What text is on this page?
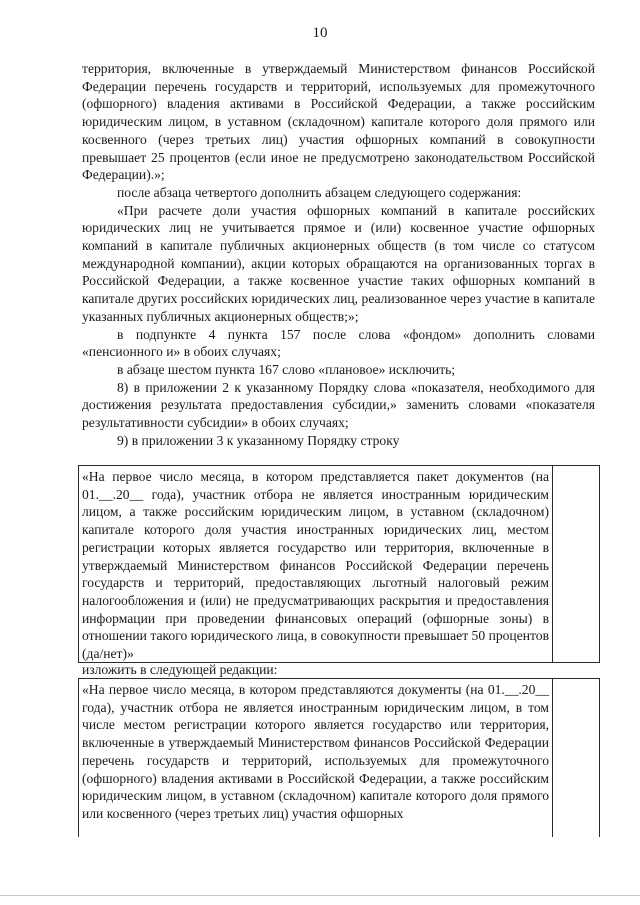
10

территория, включенные в утверждаемый Министерством финансов Российской Федерации перечень государств и территорий, используемых для промежуточного (офшорного) владения активами в Российской Федерации, а также российским юридическим лицом, в уставном (складочном) капитале которого доля прямого или косвенного (через третьих лиц) участия офшорных компаний в совокупности превышает 25 процентов (если иное не предусмотрено законодательством Российской Федерации).»;

после абзаца четвертого дополнить абзацем следующего содержания:

«При расчете доли участия офшорных компаний в капитале российских юридических лиц не учитывается прямое и (или) косвенное участие офшорных компаний в капитале публичных акционерных обществ (в том числе со статусом международной компании), акции которых обращаются на организованных торгах в Российской Федерации, а также косвенное участие таких офшорных компаний в капитале других российских юридических лиц, реализованное через участие в капитале указанных публичных акционерных обществ;»;

в подпункте 4 пункта 157 после слова «фондом» дополнить словами «пенсионного и» в обоих случаях;

в абзаце шестом пункта 167 слово «плановое» исключить;

8) в приложении 2 к указанному Порядку слова «показателя, необходимого для достижения результата предоставления субсидии,» заменить словами «показателя результативности субсидии» в обоих случаях;

9) в приложении 3 к указанному Порядку строку

«На первое число месяца, в котором представляется пакет документов (на 01.__.20__ года), участник отбора не является иностранным юридическим лицом, а также российским юридическим лицом, в уставном (складочном) капитале которого доля участия иностранных юридических лиц, местом регистрации которых является государство или территория, включенные в утверждаемый Министерством финансов Российской Федерации перечень государств и территорий, предоставляющих льготный налоговый режим налогообложения и (или) не предусматривающих раскрытия и предоставления информации при проведении финансовых операций (офшорные зоны) в отношении такого юридического лица, в совокупности превышает 50 процентов (да/нет)»
изложить в следующей редакции:
«На первое число месяца, в котором представляются документы (на 01.__.20__ года), участник отбора не является иностранным юридическим лицом, в том числе местом регистрации которого является государство или территория, включенные в утверждаемый Министерством финансов Российской Федерации перечень государств и территорий, используемых для промежуточного (офшорного) владения активами в Российской Федерации, а также российским юридическим лицом, в уставном (складочном) капитале которого доля прямого или косвенного (через третьих лиц) участия офшорных
